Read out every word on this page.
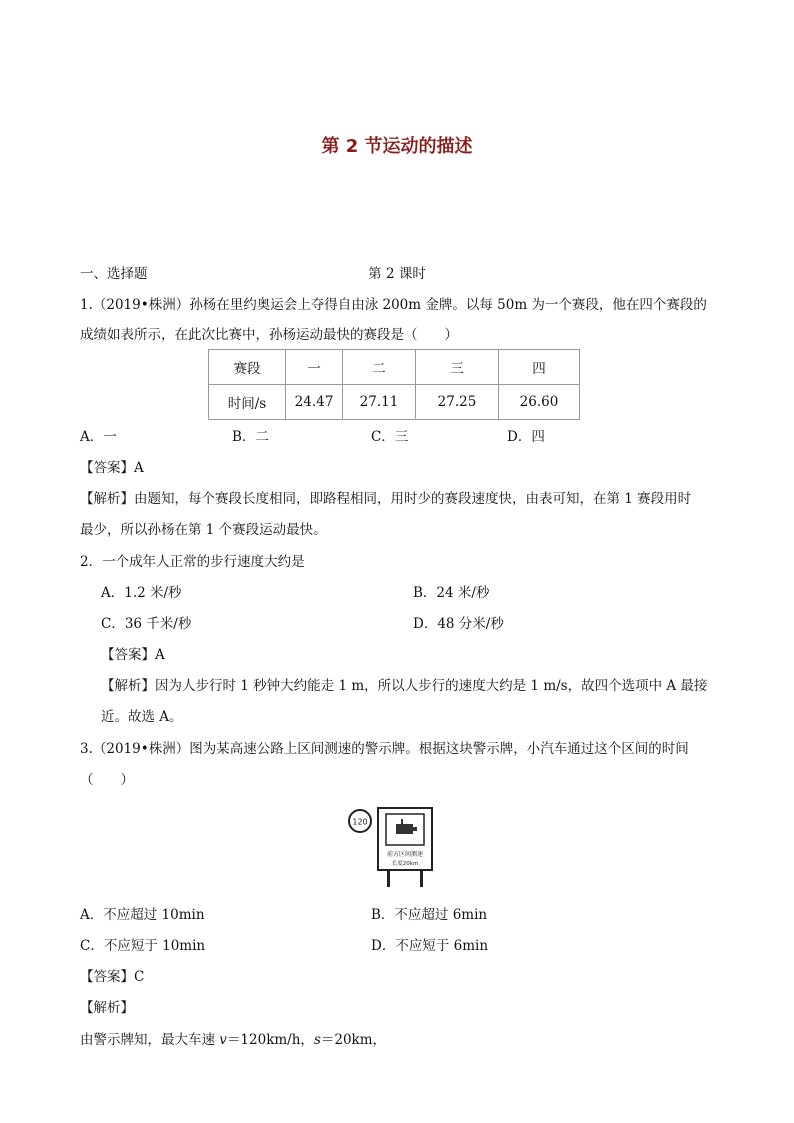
第 2 节运动的描述
第 2 课时
一、选择题
1.（2019•株洲）孙杨在里约奥运会上夺得自由泳 200m 金牌。以每 50m 为一个赛段，他在四个赛段的
成绩如表所示，在此次比赛中，孙杨运动最快的赛段是（　　）
赛段	一	二	三	四
时间/s	24.47	27.11	27.25	26.60
A．一	B．二	C．三	D．四
【答案】A
【解析】由题知，每个赛段长度相同，即路程相同，用时少的赛段速度快，由表可知，在第 1 赛段用时
最少，所以孙杨在第 1 个赛段运动最快。
2．一个成年人正常的步行速度大约是
A．1.2 米/秒	B．24 米/秒
C．36 千米/秒	D．48 分米/秒
【答案】A
【解析】因为人步行时 1 秒钟大约能走 1 m，所以人步行的速度大约是 1 m/s，故四个选项中 A 最接
近。故选 A。
3.（2019•株洲）图为某高速公路上区间测速的警示牌。根据这块警示牌，小汽车通过这个区间的时间
（　　）
120
前方区间测速
长度20km
A．不应超过 10min	B．不应超过 6min
C．不应短于 10min	D．不应短于 6min
【答案】C
【解析】
由警示牌知，最大车速 v＝120km/h，s＝20km，
